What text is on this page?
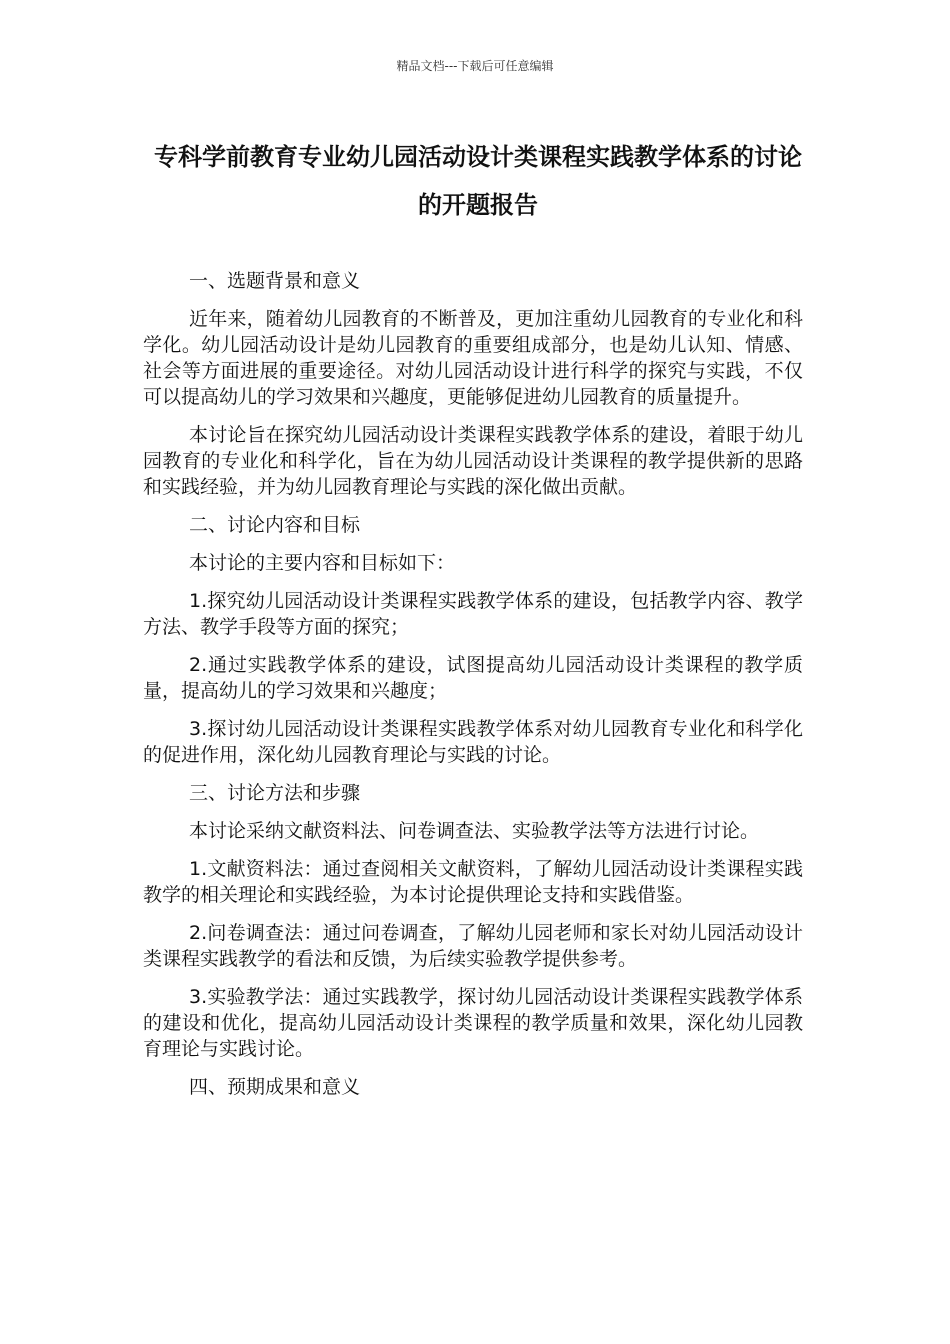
精品文档---下载后可任意编辑
专科学前教育专业幼儿园活动设计类课程实践教学体系的讨论的开题报告

一、选题背景和意义

近年来，随着幼儿园教育的不断普及，更加注重幼儿园教育的专业化和科学化。幼儿园活动设计是幼儿园教育的重要组成部分，也是幼儿认知、情感、社会等方面进展的重要途径。对幼儿园活动设计进行科学的探究与实践，不仅可以提高幼儿的学习效果和兴趣度，更能够促进幼儿园教育的质量提升。

本讨论旨在探究幼儿园活动设计类课程实践教学体系的建设，着眼于幼儿园教育的专业化和科学化，旨在为幼儿园活动设计类课程的教学提供新的思路和实践经验，并为幼儿园教育理论与实践的深化做出贡献。

二、讨论内容和目标

本讨论的主要内容和目标如下：

1.探究幼儿园活动设计类课程实践教学体系的建设，包括教学内容、教学方法、教学手段等方面的探究；

2.通过实践教学体系的建设，试图提高幼儿园活动设计类课程的教学质量，提高幼儿的学习效果和兴趣度；

3.探讨幼儿园活动设计类课程实践教学体系对幼儿园教育专业化和科学化的促进作用，深化幼儿园教育理论与实践的讨论。

三、讨论方法和步骤

本讨论采纳文献资料法、问卷调查法、实验教学法等方法进行讨论。

1.文献资料法：通过查阅相关文献资料，了解幼儿园活动设计类课程实践教学的相关理论和实践经验，为本讨论提供理论支持和实践借鉴。

2.问卷调查法：通过问卷调查，了解幼儿园老师和家长对幼儿园活动设计类课程实践教学的看法和反馈，为后续实验教学提供参考。

3.实验教学法：通过实践教学，探讨幼儿园活动设计类课程实践教学体系的建设和优化，提高幼儿园活动设计类课程的教学质量和效果，深化幼儿园教育理论与实践讨论。

四、预期成果和意义
